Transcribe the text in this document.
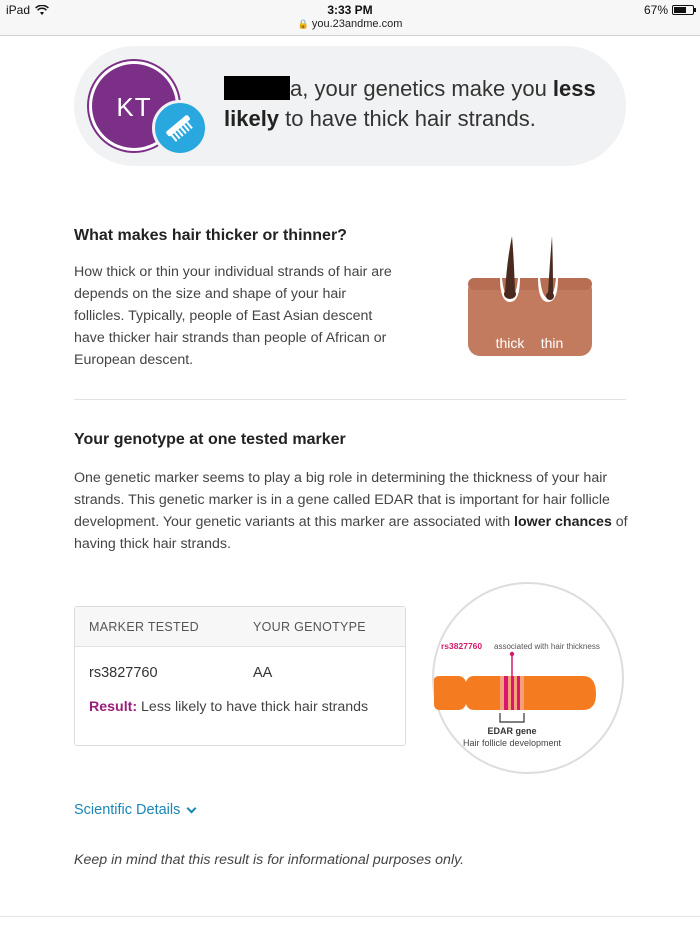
iPad	3:33 PM	67%
🔒 you.23andme.com
KT
a, your genetics make you less likely to have thick hair strands.
What makes hair thicker or thinner?
How thick or thin your individual strands of hair are depends on the size and shape of your hair follicles. Typically, people of East Asian descent have thicker hair strands than people of African or European descent.
thick thin
Your genotype at one tested marker
One genetic marker seems to play a big role in determining the thickness of your hair strands. This genetic marker is in a gene called EDAR that is important for hair follicle development. Your genetic variants at this marker are associated with lower chances of having thick hair strands.
MARKER TESTED	YOUR GENOTYPE
rs3827760	AA
Result: Less likely to have thick hair strands
rs3827760 associated with hair thickness
EDAR gene
Hair follicle development
Scientific Details
Keep in mind that this result is for informational purposes only.
